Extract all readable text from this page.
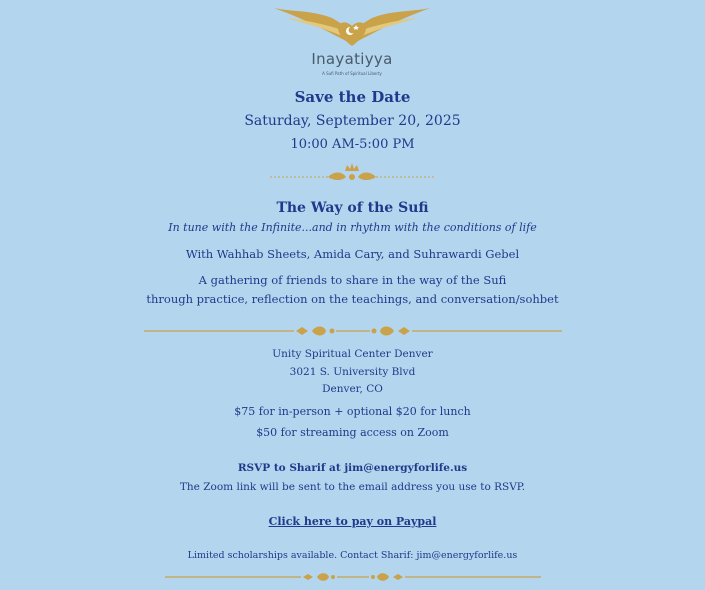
Inayatiyya
A Sufi Path of Spiritual Liberty

Save the Date

Saturday, September 20, 2025

10:00 AM-5:00 PM

The Way of the Sufi

In tune with the Infinite...and in rhythm with the conditions of life

With Wahhab Sheets, Amida Cary, and Suhrawardi Gebel

A gathering of friends to share in the way of the Sufi

through practice, reflection on the teachings, and conversation/sohbet

Unity Spiritual Center Denver

3021 S. University Blvd

Denver, CO

$75 for in-person + optional $20 for lunch

$50 for streaming access on Zoom

RSVP to Sharif at jim@energyforlife.us

The Zoom link will be sent to the email address you use to RSVP.

Click here to pay on Paypal

Limited scholarships available. Contact Sharif: jim@energyforlife.us
